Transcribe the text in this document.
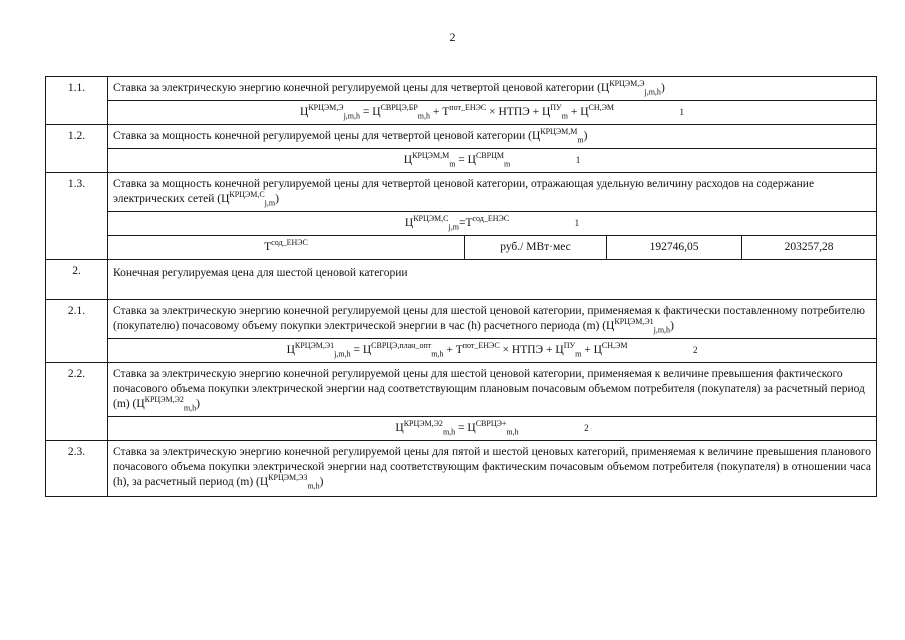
2
1.1.	Ставка за электрическую энергию конечной регулируемой цены для четвертой ценовой категории $(Ц^{КРЦЭМ,Э}_{j,m,h})$			
	$Ц^{КРЦЭМ,Э}_{j,m,h} = Ц^{СВРЦЭ,БР}_{m,h} + Т^{пот\_ЕНЭС}$ × НТПЭ + $Ц^{ПУ}_m + Ц^{СН,ЭМ}$ 1			

1.2.	Ставка за мощность конечной регулируемой цены для четвертой ценовой категории $(Ц^{КРЦЭМ,М}_m)$			
	$Ц^{КРЦЭМ,М}_m = Ц^{СВРЦМ}_m$ 1			

1.3.	Ставка за мощность конечной регулируемой цены для четвертой ценовой категории, отражающая удельную величину расходов на содержание электрических сетей $(Ц^{КРЦЭМ,С}_{j,m})$			
	$Ц^{КРЦЭМ,С}_{j,m}=Т^{сод\_ЕНЭС}$ 1			

	$Т^{сод\_ЕНЭС}$	руб./ МВт·мес	192746,05	203257,28
2.	Конечная регулируемая цена для шестой ценовой категории			
2.1.	Ставка за электрическую энергию конечной регулируемой цены для шестой ценовой категории, применяемая к фактически поставленному потребителю (покупателю) почасовому объему покупки электрической энергии в час (h) расчетного периода (m) $(Ц^{КРЦЭМ,Э1}_{j,m,h})$			
	$Ц^{КРЦЭМ,Э1}_{j,m,h} = Ц^{СВРЦЭ,план\_опт}_{m,h} + Т^{пот\_ЕНЭС}$ × НТПЭ + $Ц^{ПУ}_m + Ц^{СН,ЭМ}$ 2			

2.2.	Ставка за электрическую энергию конечной регулируемой цены для шестой ценовой категории, применяемая к величине превышения фактического почасового объема покупки электрической энергии над соответствующим плановым почасовым объемом потребителя (покупателя) за расчетный период (m) $(Ц^{КРЦЭМ,Э2}_{m,h})$			
	$Ц^{КРЦЭМ,Э2}_{m,h} = Ц^{СВРЦЭ+}_{m,h}$ 2			

2.3.	Ставка за электрическую энергию конечной регулируемой цены для пятой и шестой ценовых категорий, применяемая к величине превышения планового почасового объема покупки электрической энергии над соответствующим фактическим почасовым объемом потребителя (покупателя) в отношении часа (h), за расчетный период (m) $(Ц^{КРЦЭМ,Э3}_{m,h})$			
